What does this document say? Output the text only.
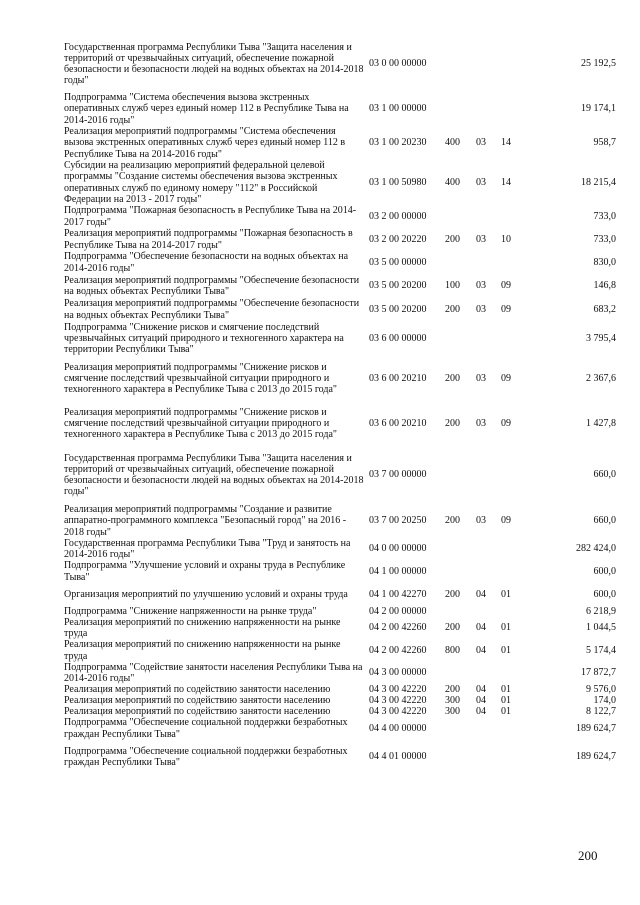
Государственная программа Республики Тыва "Защита населения и территорий от чрезвычайных ситуаций, обеспечение пожарной безопасности и безопасности людей на водных объектах на 2014-2018 годы"
03 0 00 00000	25 192,5
Подпрограмма "Система обеспечения вызова экстренных оперативных служб через единый номер 112 в Республике Тыва на 2014-2016 годы"
03 1 00 00000	19 174,1
Реализация мероприятий подпрограммы "Система обеспечения вызова экстренных оперативных служб через единый номер 112 в Республике Тыва на 2014-2016 годы"
03 1 00 20230	400	03	14	958,7
Субсидии на реализацию мероприятий федеральной целевой программы "Создание системы обеспечения вызова экстренных оперативных служб по единому номеру "112" в Российской Федерации на 2013 - 2017 годы"
03 1 00 50980	400	03	14	18 215,4
Подпрограмма "Пожарная безопасность в Республике Тыва на 2014-2017 годы"
03 2 00 00000	733,0
Реализация мероприятий подпрограммы "Пожарная безопасность в Республике Тыва на 2014-2017 годы"
03 2 00 20220	200	03	10	733,0
Подпрограмма "Обеспечение безопасности на водных объектах на 2014-2016 годы"
03 5 00 00000	830,0
Реализация мероприятий подпрограммы "Обеспечение безопасности на водных объектах Республики Тыва"
03 5 00 20200	100	03	09	146,8
Реализация мероприятий подпрограммы "Обеспечение безопасности на водных объектах Республики Тыва"
03 5 00 20200	200	03	09	683,2
Подпрограмма "Снижение рисков и смягчение последствий чрезвычайных ситуаций природного и техногенного характера на территории Республики Тыва"
03 6 00 00000	3 795,4
Реализация мероприятий подпрограммы "Снижение рисков и смягчение последствий чрезвычайной ситуации природного и техногенного характера в Республике Тыва с 2013 до 2015 года"
03 6 00 20210	200	03	09	2 367,6
Реализация мероприятий подпрограммы "Снижение рисков и смягчение последствий чрезвычайной ситуации природного и техногенного характера в Республике Тыва с 2013 до 2015 года"
03 6 00 20210	200	03	09	1 427,8
Государственная программа Республики Тыва "Защита населения и территорий от чрезвычайных ситуаций, обеспечение пожарной безопасности и безопасности людей на водных объектах на 2014-2018 годы"
03 7 00 00000	660,0
Реализация мероприятий подпрограммы "Создание и развитие аппаратно-программного комплекса "Безопасный город" на 2016 - 2018 годы"
03 7 00 20250	200	03	09	660,0
Государственная программа Республики Тыва "Труд и занятость на 2014-2016 годы"
04 0 00 00000	282 424,0
Подпрограмма "Улучшение условий и охраны труда в Республике Тыва"
04 1 00 00000	600,0
Организация мероприятий по улучшению условий и охраны труда	04 1 00 42270	200	04	01	600,0
Подпрограмма "Снижение напряженности на рынке труда"	04 2 00 00000	6 218,9
Реализация мероприятий по снижению напряженности на рынке труда
04 2 00 42260	200	04	01	1 044,5
Реализация мероприятий по снижению напряженности на рынке труда
04 2 00 42260	800	04	01	5 174,4
Подпрограмма "Содействие занятости населения Республики Тыва на 2014-2016 годы"
04 3 00 00000	17 872,7
Реализация мероприятий по содействию занятости населению	04 3 00 42220	200	04	01	9 576,0
Реализация мероприятий по содействию занятости населению	04 3 00 42220	300	04	01	174,0
Реализация мероприятий по содействию занятости населению	04 3 00 42220	300	04	01	8 122,7
Подпрограмма "Обеспечение социальной поддержки безработных граждан Республики Тыва"
04 4 00 00000	189 624,7
Подпрограмма "Обеспечение социальной поддержки безработных граждан Республики Тыва"
04 4 01 00000	189 624,7
200
